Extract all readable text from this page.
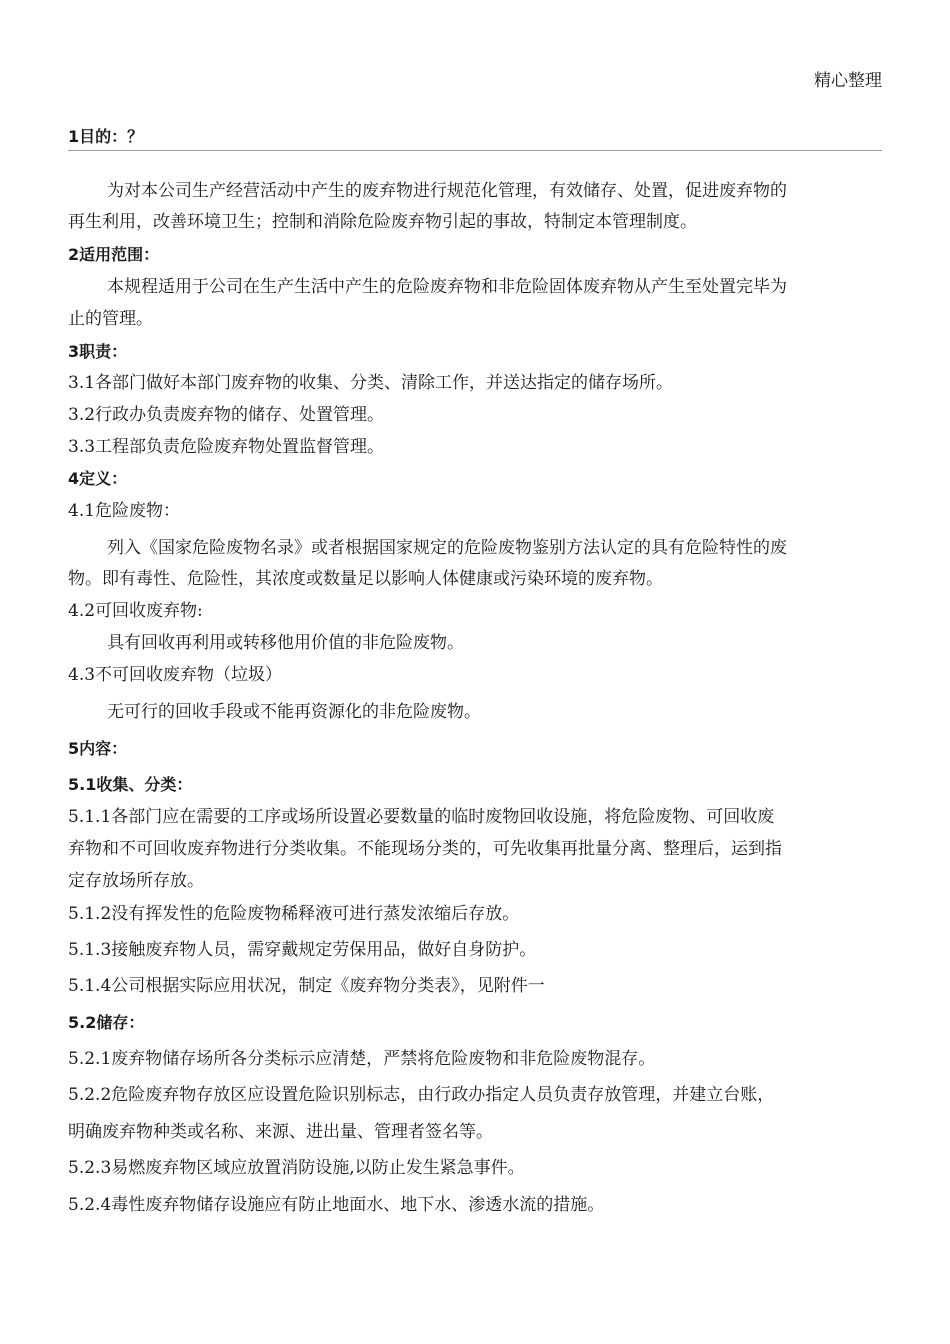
精心整理
1目的：？
为对本公司生产经营活动中产生的废弃物进行规范化管理，有效储存、处置，促进废弃物的
再生利用，改善环境卫生；控制和消除危险废弃物引起的事故，特制定本管理制度。
2适用范围：
本规程适用于公司在生产生活中产生的危险废弃物和非危险固体废弃物从产生至处置完毕为
止的管理。
3职责：
3.1各部门做好本部门废弃物的收集、分类、清除工作，并送达指定的储存场所。
3.2行政办负责废弃物的储存、处置管理。
3.3工程部负责危险废弃物处置监督管理。
4定义：
4.1危险废物：
列入《国家危险废物名录》或者根据国家规定的危险废物鉴别方法认定的具有危险特性的废
物。即有毒性、危险性，其浓度或数量足以影响人体健康或污染环境的废弃物。
4.2可回收废弃物:
具有回收再利用或转移他用价值的非危险废物。
4.3不可回收废弃物（垃圾）
无可行的回收手段或不能再资源化的非危险废物。
5内容：
5.1收集、分类：
5.1.1各部门应在需要的工序或场所设置必要数量的临时废物回收设施，将危险废物、可回收废
弃物和不可回收废弃物进行分类收集。不能现场分类的，可先收集再批量分离、整理后，运到指
定存放场所存放。
5.1.2没有挥发性的危险废物稀释液可进行蒸发浓缩后存放。
5.1.3接触废弃物人员，需穿戴规定劳保用品，做好自身防护。
5.1.4公司根据实际应用状况，制定《废弃物分类表》，见附件一
5.2储存：
5.2.1废弃物储存场所各分类标示应清楚，严禁将危险废物和非危险废物混存。
5.2.2危险废弃物存放区应设置危险识别标志，由行政办指定人员负责存放管理，并建立台账，
明确废弃物种类或名称、来源、进出量、管理者签名等。
5.2.3易燃废弃物区域应放置消防设施,以防止发生紧急事件。
5.2.4毒性废弃物储存设施应有防止地面水、地下水、渗透水流的措施。
